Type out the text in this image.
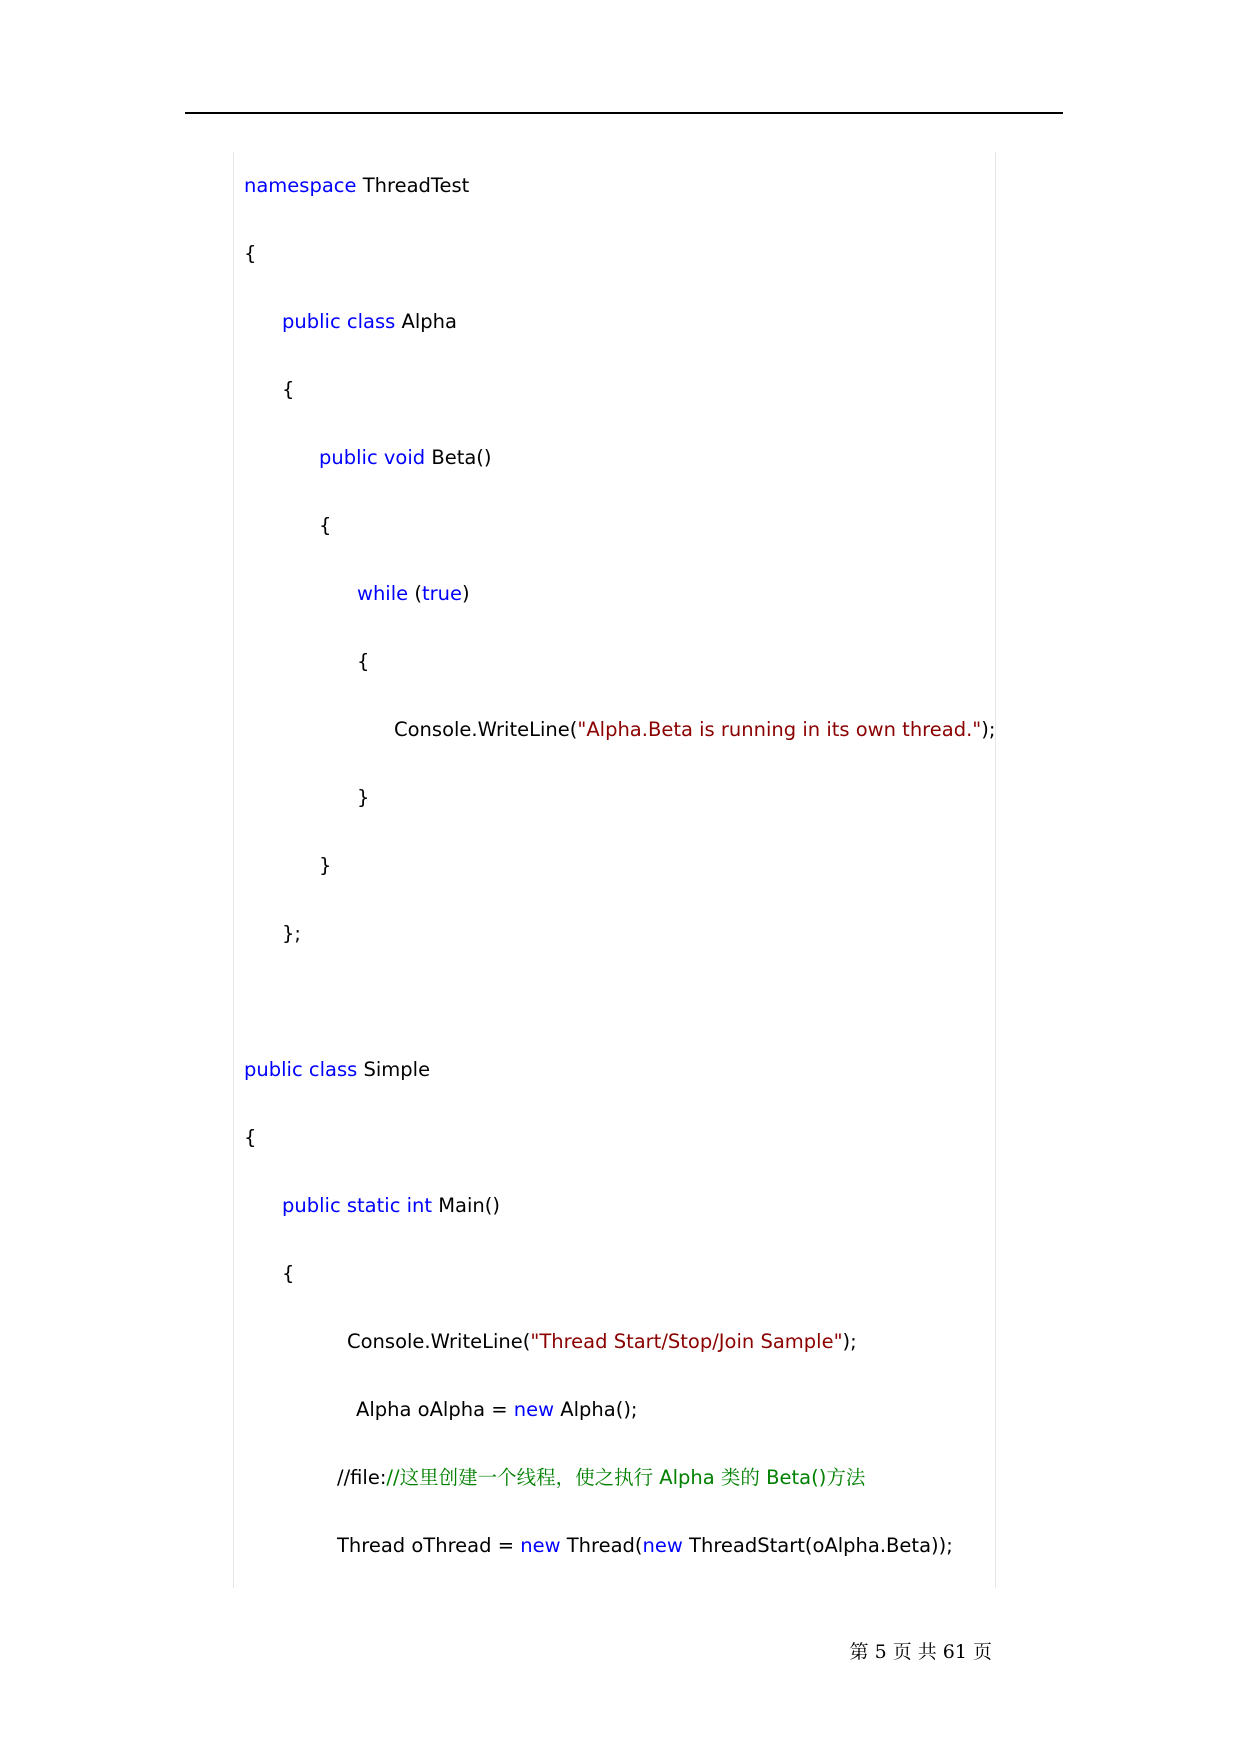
namespace ThreadTest
{
public class Alpha
{
public void Beta()
{
while (true)
{
Console.WriteLine("Alpha.Beta is running in its own thread.");
}
}
};
public class Simple
{
public static int Main()
{
Console.WriteLine("Thread Start/Stop/Join Sample");
Alpha oAlpha = new Alpha();
//file://这里创建一个线程，使之执行 Alpha 类的 Beta()方法
Thread oThread = new Thread(new ThreadStart(oAlpha.Beta));
第 5 页 共 61 页
